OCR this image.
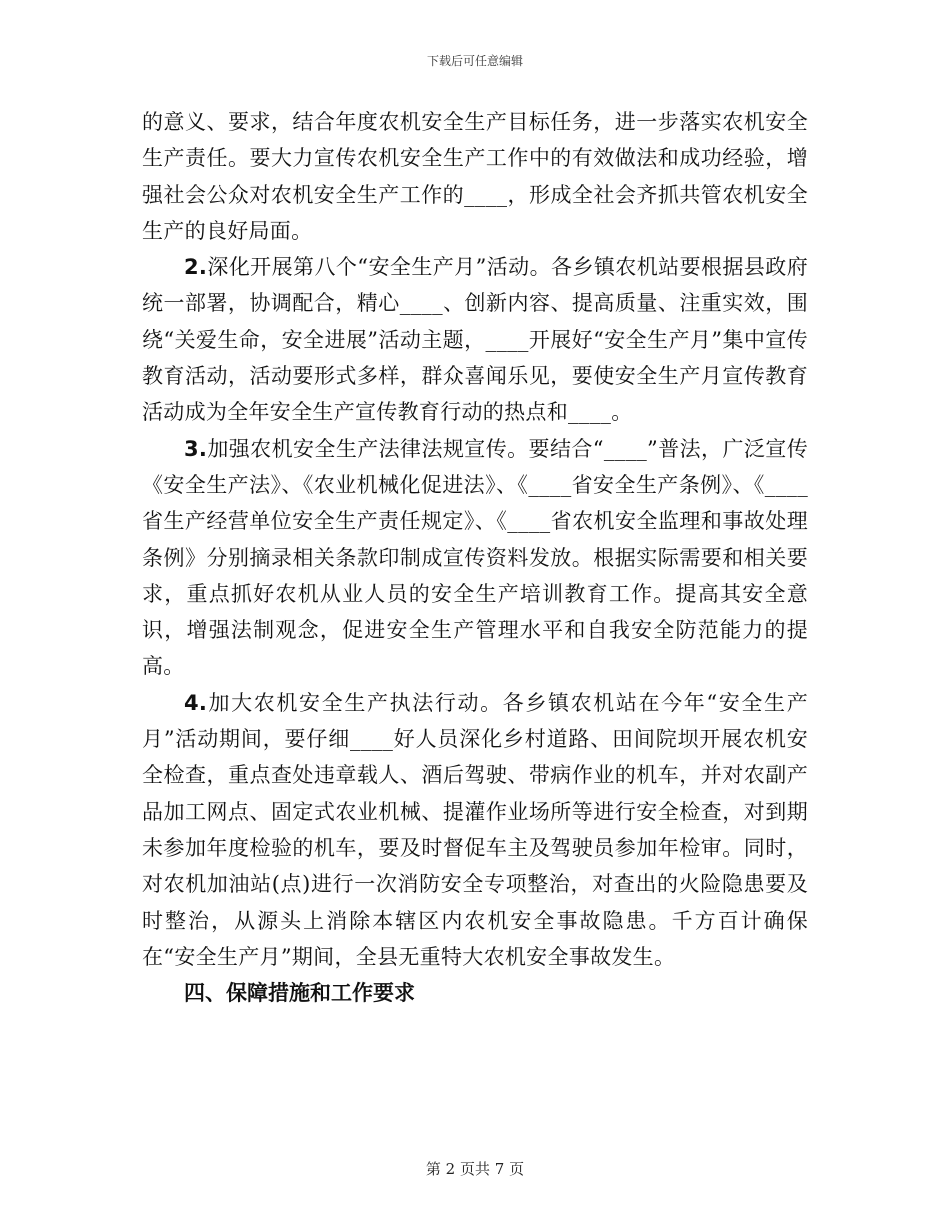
下载后可任意编辑

的意义、要求，结合年度农机安全生产目标任务，进一步落实农机安全生产责任。要大力宣传农机安全生产工作中的有效做法和成功经验，增强社会公众对农机安全生产工作的____，形成全社会齐抓共管农机安全生产的良好局面。

2.深化开展第八个“安全生产月”活动。各乡镇农机站要根据县政府统一部署，协调配合，精心____、创新内容、提高质量、注重实效，围绕“关爱生命，安全进展”活动主题，____开展好“安全生产月”集中宣传教育活动，活动要形式多样，群众喜闻乐见，要使安全生产月宣传教育活动成为全年安全生产宣传教育行动的热点和____。

3.加强农机安全生产法律法规宣传。要结合“____”普法，广泛宣传《安全生产法》、《农业机械化促进法》、《____省安全生产条例》、《____省生产经营单位安全生产责任规定》、《____省农机安全监理和事故处理条例》分别摘录相关条款印制成宣传资料发放。根据实际需要和相关要求，重点抓好农机从业人员的安全生产培训教育工作。提高其安全意识，增强法制观念，促进安全生产管理水平和自我安全防范能力的提高。

4.加大农机安全生产执法行动。各乡镇农机站在今年“安全生产月”活动期间，要仔细____好人员深化乡村道路、田间院坝开展农机安全检查，重点查处违章载人、酒后驾驶、带病作业的机车，并对农副产品加工网点、固定式农业机械、提灌作业场所等进行安全检查，对到期未参加年度检验的机车，要及时督促车主及驾驶员参加年检审。同时，对农机加油站(点)进行一次消防安全专项整治，对查出的火险隐患要及时整治，从源头上消除本辖区内农机安全事故隐患。千方百计确保在“安全生产月”期间，全县无重特大农机安全事故发生。

四、保障措施和工作要求

第 2 页共 7 页
